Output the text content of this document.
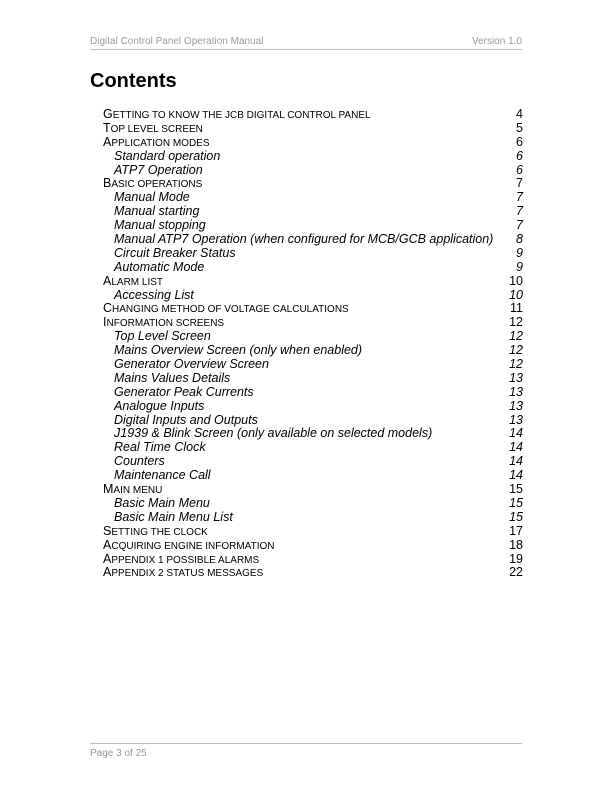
Digital Control Panel Operation Manual	Version 1.0
Contents
GETTING TO KNOW THE JCB DIGITAL CONTROL PANEL	4
TOP LEVEL SCREEN	5
APPLICATION MODES	6
Standard operation	6
ATP7 Operation	6
BASIC OPERATIONS	7
Manual Mode	7
Manual starting	7
Manual stopping	7
Manual ATP7 Operation (when configured for MCB/GCB application) 8
Circuit Breaker Status	9
Automatic Mode	9
ALARM LIST	10
Accessing List	10
CHANGING METHOD OF VOLTAGE CALCULATIONS	11
INFORMATION SCREENS	12
Top Level Screen	12
Mains Overview Screen (only when enabled)	12
Generator Overview Screen	12
Mains Values Details	13
Generator Peak Currents	13
Analogue Inputs	13
Digital Inputs and Outputs	13
J1939 & Blink Screen (only available on selected models)	14
Real Time Clock	14
Counters	14
Maintenance Call	14
MAIN MENU	15
Basic Main Menu	15
Basic Main Menu List	15
SETTING THE CLOCK	17
ACQUIRING ENGINE INFORMATION	18
APPENDIX 1 POSSIBLE ALARMS	19
APPENDIX 2 STATUS MESSAGES	22
Page 3 of 25
